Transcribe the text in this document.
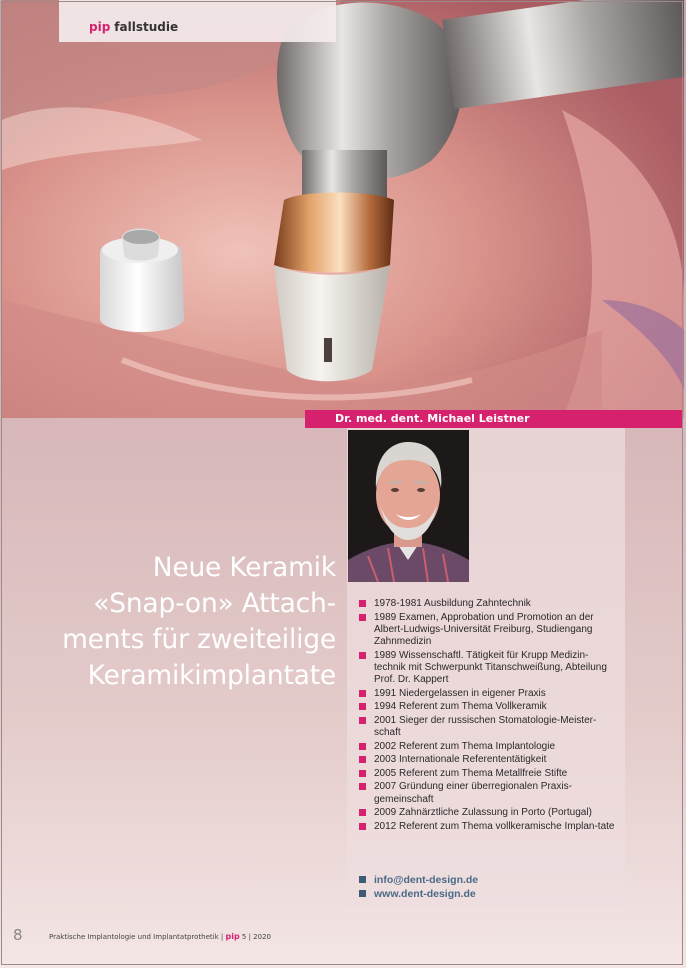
pip fallstudie
Dr. med. dent. Michael Leistner
Neue Keramik
«Snap-on» Attach-
ments für zweiteilige
Keramikimplantate
1978-1981 Ausbildung Zahntechnik
1989 Examen, Approbation und Promotion an der Albert-Ludwigs-Universität Freiburg, Studiengang Zahnmedizin
1989 Wissenschaftl. Tätigkeit für Krupp Medizin-technik mit Schwerpunkt Titanschweißung, Abteilung Prof. Dr. Kappert
1991 Niedergelassen in eigener Praxis
1994 Referent zum Thema Vollkeramik
2001 Sieger der russischen Stomatologie-Meister-schaft
2002 Referent zum Thema Implantologie
2003 Internationale Referententätigkeit
2005 Referent zum Thema Metallfreie Stifte
2007 Gründung einer überregionalen Praxis-gemeinschaft
2009 Zahnärztliche Zulassung in Porto (Portugal)
2012 Referent zum Thema vollkeramische Implan-tate
info@dent-design.de
www.dent-design.de
8	Praktische Implantologie und Implantatprothetik | pip 5 | 2020
